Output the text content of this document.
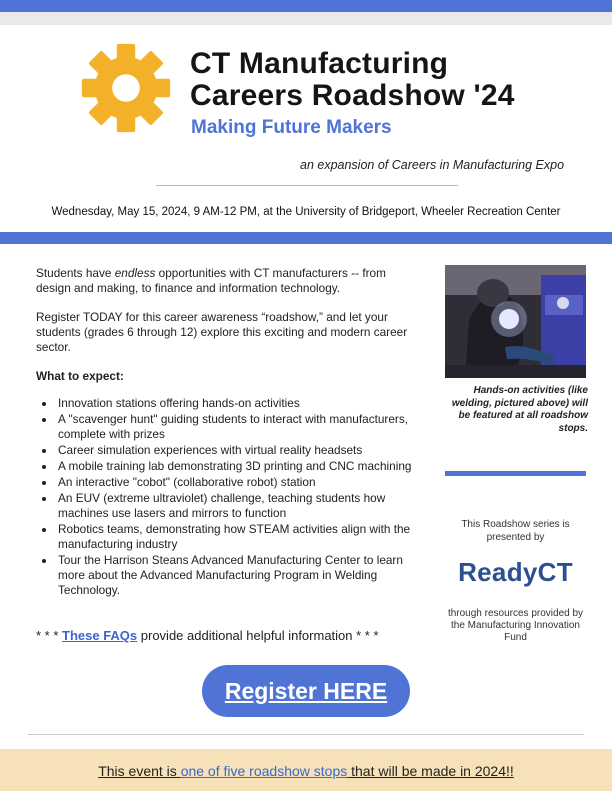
CT Manufacturing
Careers Roadshow '24
Making Future Makers
an expansion of Careers in Manufacturing Expo
Wednesday, May 15, 2024, 9 AM-12 PM, at the University of Bridgeport, Wheeler Recreation Center

Students have endless opportunities with CT manufacturers -- from design and making, to finance and information technology.

Register TODAY for this career awareness “roadshow,” and let your students (grades 6 through 12) explore this exciting and modern career sector.

What to expect:
• Innovation stations offering hands-on activities
• A "scavenger hunt" guiding students to interact with manufacturers, complete with prizes
• Career simulation experiences with virtual reality headsets
• A mobile training lab demonstrating 3D printing and CNC machining
• An interactive "cobot" (collaborative robot) station
• An EUV (extreme ultraviolet) challenge, teaching students how machines use lasers and mirrors to function
• Robotics teams, demonstrating how STEAM activities align with the manufacturing industry
• Tour the Harrison Steans Advanced Manufacturing Center to learn more about the Advanced Manufacturing Program in Welding Technology.
* * * These FAQs provide additional helpful information * * *
Hands-on activities (like welding, pictured above) will be featured at all roadshow stops.
This Roadshow series is presented by
ReadyCT
through resources provided by the Manufacturing Innovation Fund
Register HERE
This event is one of five roadshow stops that will be made in 2024!!
